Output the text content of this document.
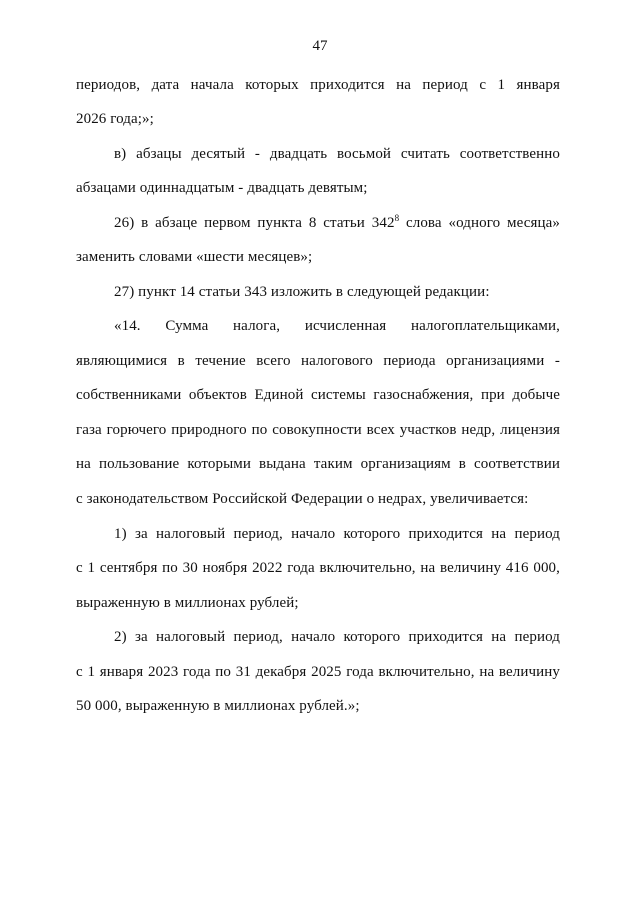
47
периодов, дата начала которых приходится на период с 1 января
2026 года;»;
в) абзацы десятый - двадцать восьмой считать соответственно
абзацами одиннадцатым - двадцать девятым;
26) в абзаце первом пункта 8 статьи $342^8$ слова «одного месяца»
заменить словами «шести месяцев»;
27) пункт 14 статьи 343 изложить в следующей редакции:
«14. Сумма налога, исчисленная налогоплательщиками,
являющимися в течение всего налогового периода организациями -
собственниками объектов Единой системы газоснабжения, при добыче
газа горючего природного по совокупности всех участков недр, лицензия
на пользование которыми выдана таким организациям в соответствии
с законодательством Российской Федерации о недрах, увеличивается:
1) за налоговый период, начало которого приходится на период
с 1 сентября по 30 ноября 2022 года включительно, на величину 416 000,
выраженную в миллионах рублей;
2) за налоговый период, начало которого приходится на период
с 1 января 2023 года по 31 декабря 2025 года включительно, на величину
50 000, выраженную в миллионах рублей.»;
